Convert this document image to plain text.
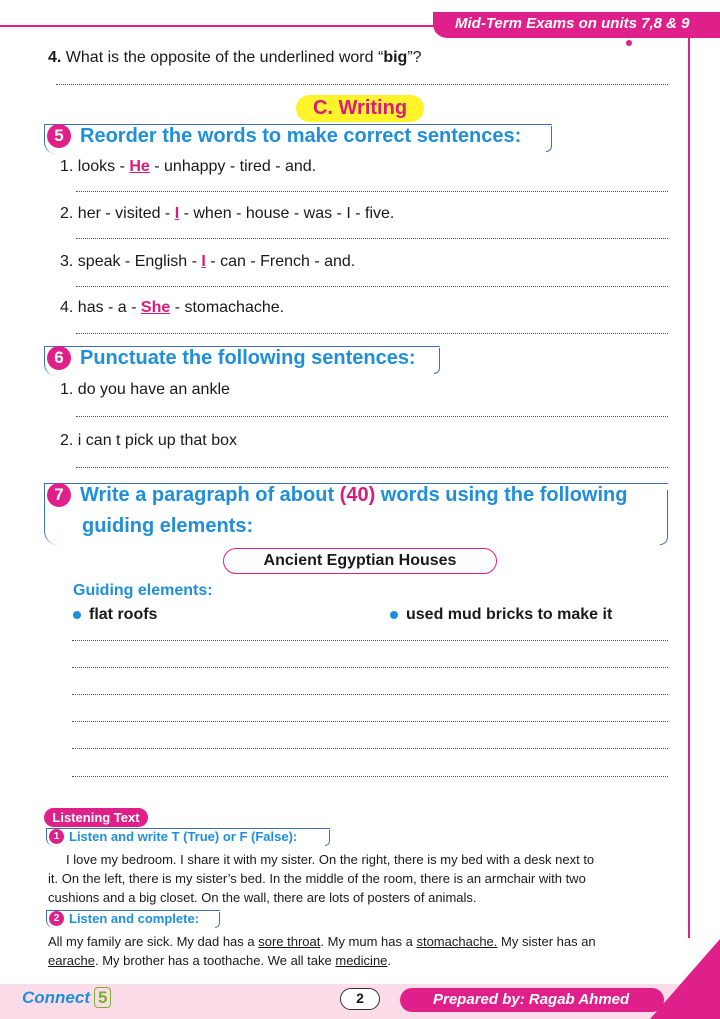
Mid-Term Exams on units 7,8 & 9
4. What is the opposite of the underlined word “big”?
C. Writing
5 Reorder the words to make correct sentences:
1. looks - He - unhappy - tired - and.
2. her - visited - I - when - house - was - I - five.
3. speak - English - I - can - French - and.
4. has - a - She - stomachache.
6 Punctuate the following sentences:
1. do you have an ankle
2. i can t pick up that box
7 Write a paragraph of about (40) words using the following
guiding elements:
Ancient Egyptian Houses
Guiding elements:
flat roofs	used mud bricks to make it
Listening Text
1 Listen and write T (True) or F (False):
I love my bedroom. I share it with my sister. On the right, there is my bed with a desk next to
it. On the left, there is my sister’s bed. In the middle of the room, there is an armchair with two
cushions and a big closet. On the wall, there are lots of posters of animals.
2 Listen and complete:
All my family are sick. My dad has a sore throat. My mum has a stomachache. My sister has an
earache. My brother has a toothache. We all take medicine.
Connect 5	2	Prepared by: Ragab Ahmed
